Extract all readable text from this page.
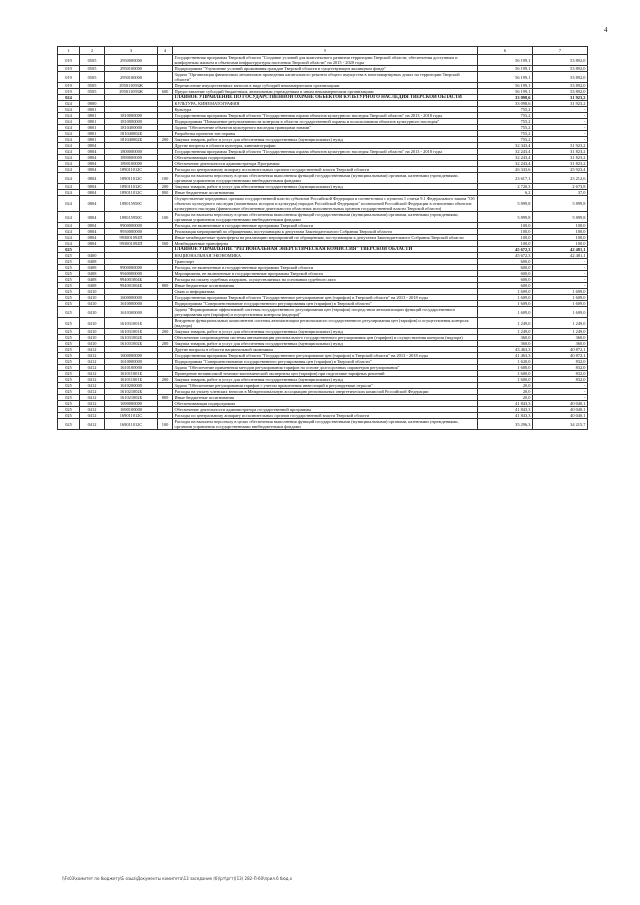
4
1	2	3	4	5	6	7
019	0505	2950000000		Государственная программа Тверской области "Создание условий для комплексного развития территории Тверской области, обеспечения доступным и комфортным жильем и объектами инфраструктуры населения Тверской области" на 2015 - 2020 годы	56 199,1	53 892,0
019	0505	2950100000		Подпрограмма "Улучшение условий проживания граждан Тверской области в существующем жилищном фонде"	56 199,1	53 892,0
019	0505	2950100000		Задача "Организация финансовых механизмов проведения капитального ремонта общего имущества в многоквартирных домах на территории Тверской области"	56 199,1	53 892,0
019	0505	295011093Ж		Перечисление имущественных взносов в виде субсидий некоммерческим организациям	56 199,1	53 892,0
019	0505	295011093Ж	600	Предоставление субсидий бюджетным, автономным учреждениям и иным некоммерческим организациям	56 199,1	53 892,0
024				ГЛАВНОЕ УПРАВЛЕНИЕ ПО ГОСУДАРСТВЕННОЙ ОХРАНЕ ОБЪЕКТОВ КУЛЬТУРНОГО НАСЛЕДИЯ ТВЕРСКОЙ ОБЛАСТИ	33 098,6	31 923,2
024	0800			КУЛЬТУРА, КИНЕМАТОГРАФИЯ	33 098,6	31 923,2
024	0801			Культура	755,2	-
024	0801	1810000000		Государственная программа Тверской области "Государственная охрана объектов культурного наследия Тверской области" на 2013 - 2018 годы	755,2	-
024	0801	1810000000		Подпрограмма "Повышение результативности контроля в области государственной охраны и использования объектов культурного наследия"	755,2	-
024	0801	1810400000		Задача "Обеспечение объектов культурного наследия границами зонами"	755,2	-
024	0801	181040002Б		Разработка проектов зон охраны	755,2	-
024	0801	181040002Б	200	Закупка товаров, работ и услуг для обеспечения государственных (муниципальных) нужд	755,2	-
024	0804			Другие вопросы в области культуры, кинематографии	32 343,4	31 923,2
024	0804	1800000000		Государственная программа Тверской области "Государственная охрана объектов культурного наследия Тверской области" на 2013 - 2018 годы	32 243,4	31 823,2
024	0804	1890000000		Обеспечивающая подпрограмма	32 243,4	31 823,2
024	0804	1890100000		Обеспечение деятельности администратора Программы	32 243,4	31 823,2
024	0804	189011012С		Расходы по центральному аппарату исполнительных органов государственной власти Тверской области	26 343,6	25 923,4
024	0804	189011012С	100	Расходы на выплаты персоналу в целях обеспечения выполнения функций государственными (муниципальными) органами, казенными учреждениями, органами управления государственными внебюджетными фондами	23 617,1	23 212,6
024	0804	189011012С	200	Закупка товаров, работ и услуг для обеспечения государственных (муниципальных) нужд	2 720,3	2 673,8
024	0804	189011012С	800	Иные бюджетные ассигнования	6,2	37,0
024	0804	189015950С		Осуществление переданных органам государственной власти субъектов Российской Федерации в соответствии с пунктом 1 статьи 9.1 Федерального закона "Об объектах культурного наследия (памятниках истории и культуры) народов Российской Федерации" полномочий Российской Федерации в отношении объектов культурного наследия (финансовое обеспечение деятельности областных исполнительных органов государственной власти Тверской области)	5 899,8	5 899,8
024	0804	189015950С	100	Расходы на выплаты персоналу в целях обеспечения выполнения функций государственными (муниципальными) органами, казенными учреждениями, органами управления государственными внебюджетными фондами	5 899,8	5 899,8
024	0804	9900000000		Расходы, не включенные в государственные программы Тверской области	100,0	100,0
024	0804	9930000000		Реализация мероприятий по обращениям, поступающим к депутатам Законодательного Собрания Тверской области	100,0	100,0
024	0804	993001092П		Иные межбюджетные трансферты на реализацию мероприятий по обращениям, поступающим к депутатам Законодательного Собрания Тверской области	100,0	100,0
024	0804	993001092П	500	Межбюджетные трансферты	100,0	100,0
025				ГЛАВНОЕ УПРАВЛЕНИЕ "РЕГИОНАЛЬНАЯ ЭНЕРГЕТИЧЕСКАЯ КОМИССИЯ" ТВЕРСКОЙ ОБЛАСТИ	45 672,3	42 481,1
025	0400			НАЦИОНАЛЬНАЯ ЭКОНОМИКА	45 672,3	42 481,1
025	0408			Транспорт	600,0	-
025	0408	9900000000		Расходы, не включенные в государственные программы Тверской области	600,0	-
025	0408	9940000000		Мероприятия, не включенные в государственные программы Тверской области	600,0	-
025	0408	994001004Б		Расходы на оплату судебных издержек, осуществляемых на основании судебного акта	600,0	-
025	0408	994001004Б	800	Иные бюджетные ассигнования	600,0	-
025	0410			Связь и информатика	1 609,0	1 609,0
025	0410	1600000000		Государственная программа Тверской области "Государственное регулирование цен (тарифов) в Тверской области" на 2013 - 2018 годы	1 609,0	1 609,0
025	0410	1610000000		Подпрограмма "Совершенствование государственного регулирования цен (тарифов) в Тверской области"	1 609,0	1 609,0
025	0410	1610300000		Задача "Формирование эффективной системы государственного регулирования цен (тарифов) посредством автоматизации функций государственного регулирования цен (тарифов) и осуществления контроля (надзора)"	1 609,0	1 609,0
025	0410	161031001Б		Внедрение функциональных компонентов системы автоматизации регионального государственного регулирования цен (тарифов) и осуществления контроля (надзора)	1 249,0	1 249,0
025	0410	161031001Б	200	Закупка товаров, работ и услуг для обеспечения государственных (муниципальных) нужд	1 249,0	1 249,0
025	0410	161031002Б		Обеспечение сопровождения системы автоматизации регионального государственного регулирования цен (тарифов) и осуществления контроля (надзора)	360,0	360,0
025	0410	161031002Б	200	Закупка товаров, работ и услуг для обеспечения государственных (муниципальных) нужд	360,0	360,0
025	0412			Другие вопросы в области национальной экономики	43 463,3	40 872,1
025	0412	1600000000		Государственная программа Тверской области "Государственное регулирование цен (тарифов) в Тверской области" на 2013 - 2018 годы	41 463,3	40 872,1
025	0412	1610000000		Подпрограмма "Совершенствование государственного регулирования цен (тарифов) в Тверской области"	1 620,0	832,0
025	0412	1610100000		Задача "Обеспечение применения методов регулирования тарифов на основе долгосрочных параметров регулирования"	1 600,0	832,0
025	0412	161011001Б		Проведение независимой технико-экономической экспертизы цен (тарифов) при подготовке тарифных решений	1 600,0	832,0
025	0412	161011001Б	200	Закупка товаров, работ и услуг для обеспечения государственных (муниципальных) нужд	1 600,0	832,0
025	0412	1610200000		Задача "Обеспечение регулирования тарифов с учетом привлечения инвестиций в регулируемые отрасли"	20,0	-
025	0412	161021002Б		Расходы на уплату членских взносов в Межрегиональную ассоциацию региональных энергетических комиссий Российской Федерации	20,0	-
025	0412	161021002Б	800	Иные бюджетные ассигнования	20,0	-
025	0412	1690000000		Обеспечивающая подпрограмма	41 843,3	40 040,1
025	0412	1690100000		Обеспечение деятельности администратора государственной программы	41 843,3	40 040,1
025	0412	169011012С		Расходы по центральному аппарату исполнительных органов государственной власти Тверской области	41 843,3	40 040,1
025	0412	169011012С	100	Расходы на выплаты персоналу в целях обеспечения выполнения функций государственными (муниципальными) органами, казенными учреждениями, органами управления государственными внебюджетными фондами	35 296,3	34 215,7
\\Fs03\комитет по бюджету\Б озыа\Документы комитета\13 заседание (б)\рт\ргт)(13) 282-П-60\прил.6 бюд.х
